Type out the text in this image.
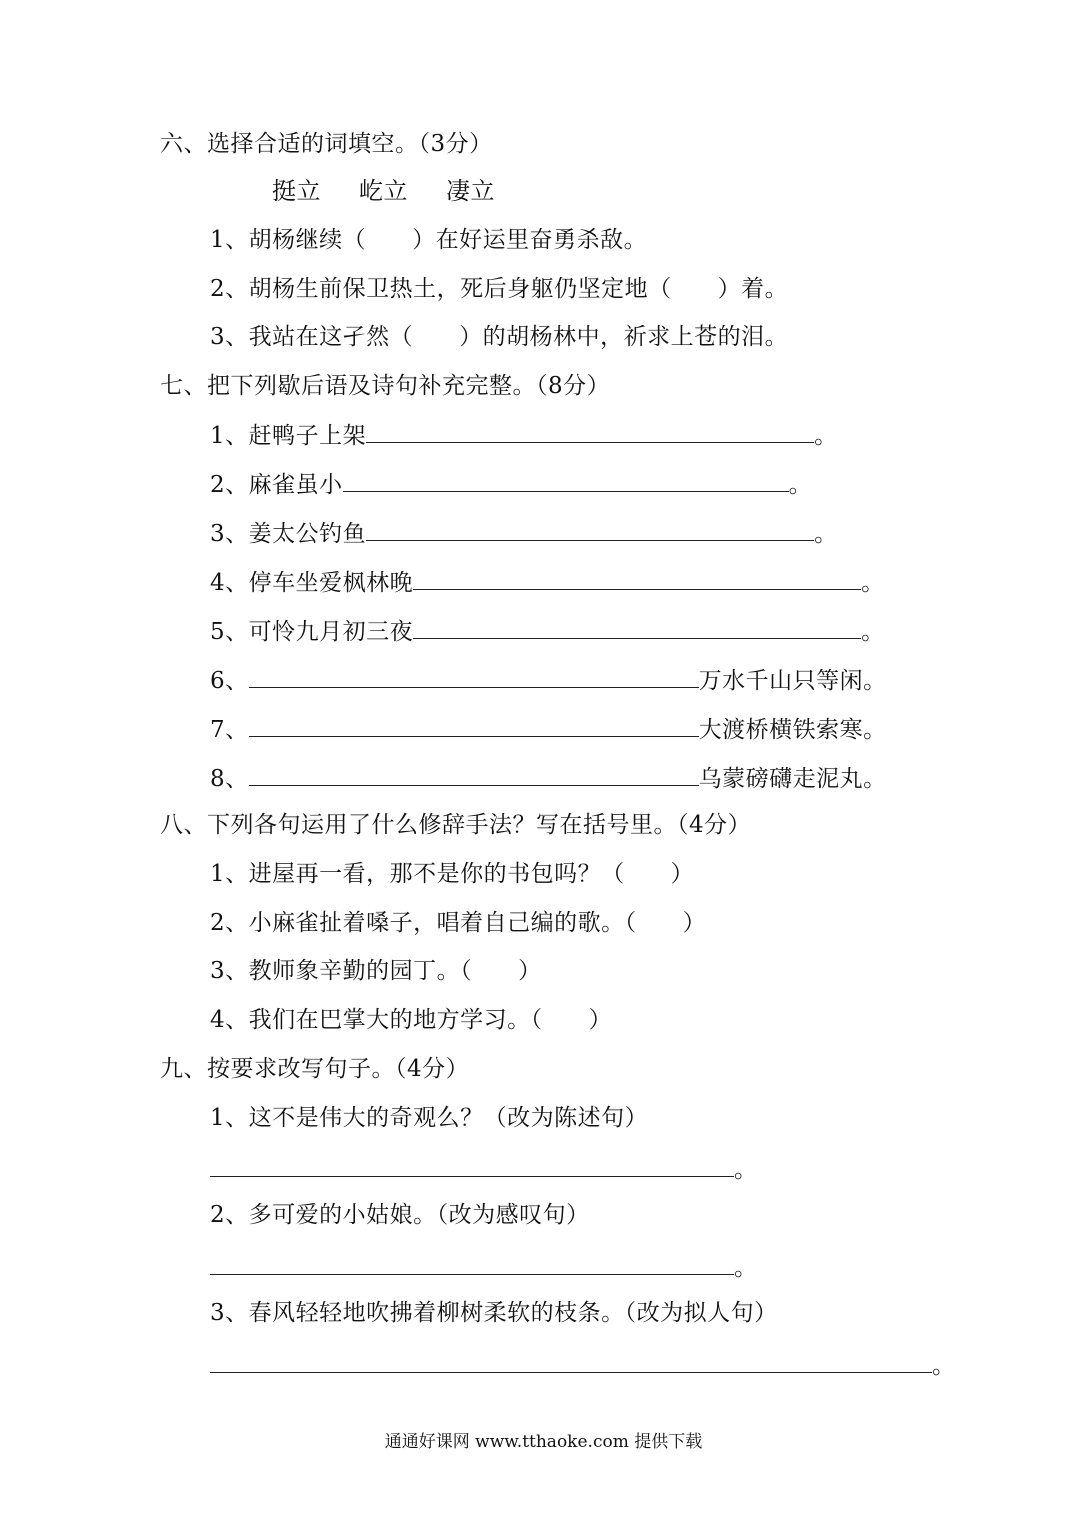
六、选择合适的词填空。（3分）
挺立 屹立 凄立
1、胡杨继续（ ）在好运里奋勇杀敌。
2、胡杨生前保卫热土，死后身躯仍坚定地（ ）着。
3、我站在这孑然（ ）的胡杨林中，祈求上苍的泪。
七、把下列歇后语及诗句补充完整。（8分）
1、赶鸭子上架	。
2、麻雀虽小	。
3、姜太公钓鱼	。
4、停车坐爱枫林晚	。
5、可怜九月初三夜	。
6、	万水千山只等闲。
7、	大渡桥横铁索寒。
8、	乌蒙磅礴走泥丸。
八、下列各句运用了什么修辞手法？写在括号里。（4分）
1、进屋再一看，那不是你的书包吗？（ ）
2、小麻雀扯着嗓子，唱着自己编的歌。（ ）
3、教师象辛勤的园丁。（ ）
4、我们在巴掌大的地方学习。（ ）
九、按要求改写句子。（4分）
1、这不是伟大的奇观么？（改为陈述句）
。
2、多可爱的小姑娘。（改为感叹句）
。
3、春风轻轻地吹拂着柳树柔软的枝条。（改为拟人句）
。
通通好课网 www.tthaoke.com 提供下载
